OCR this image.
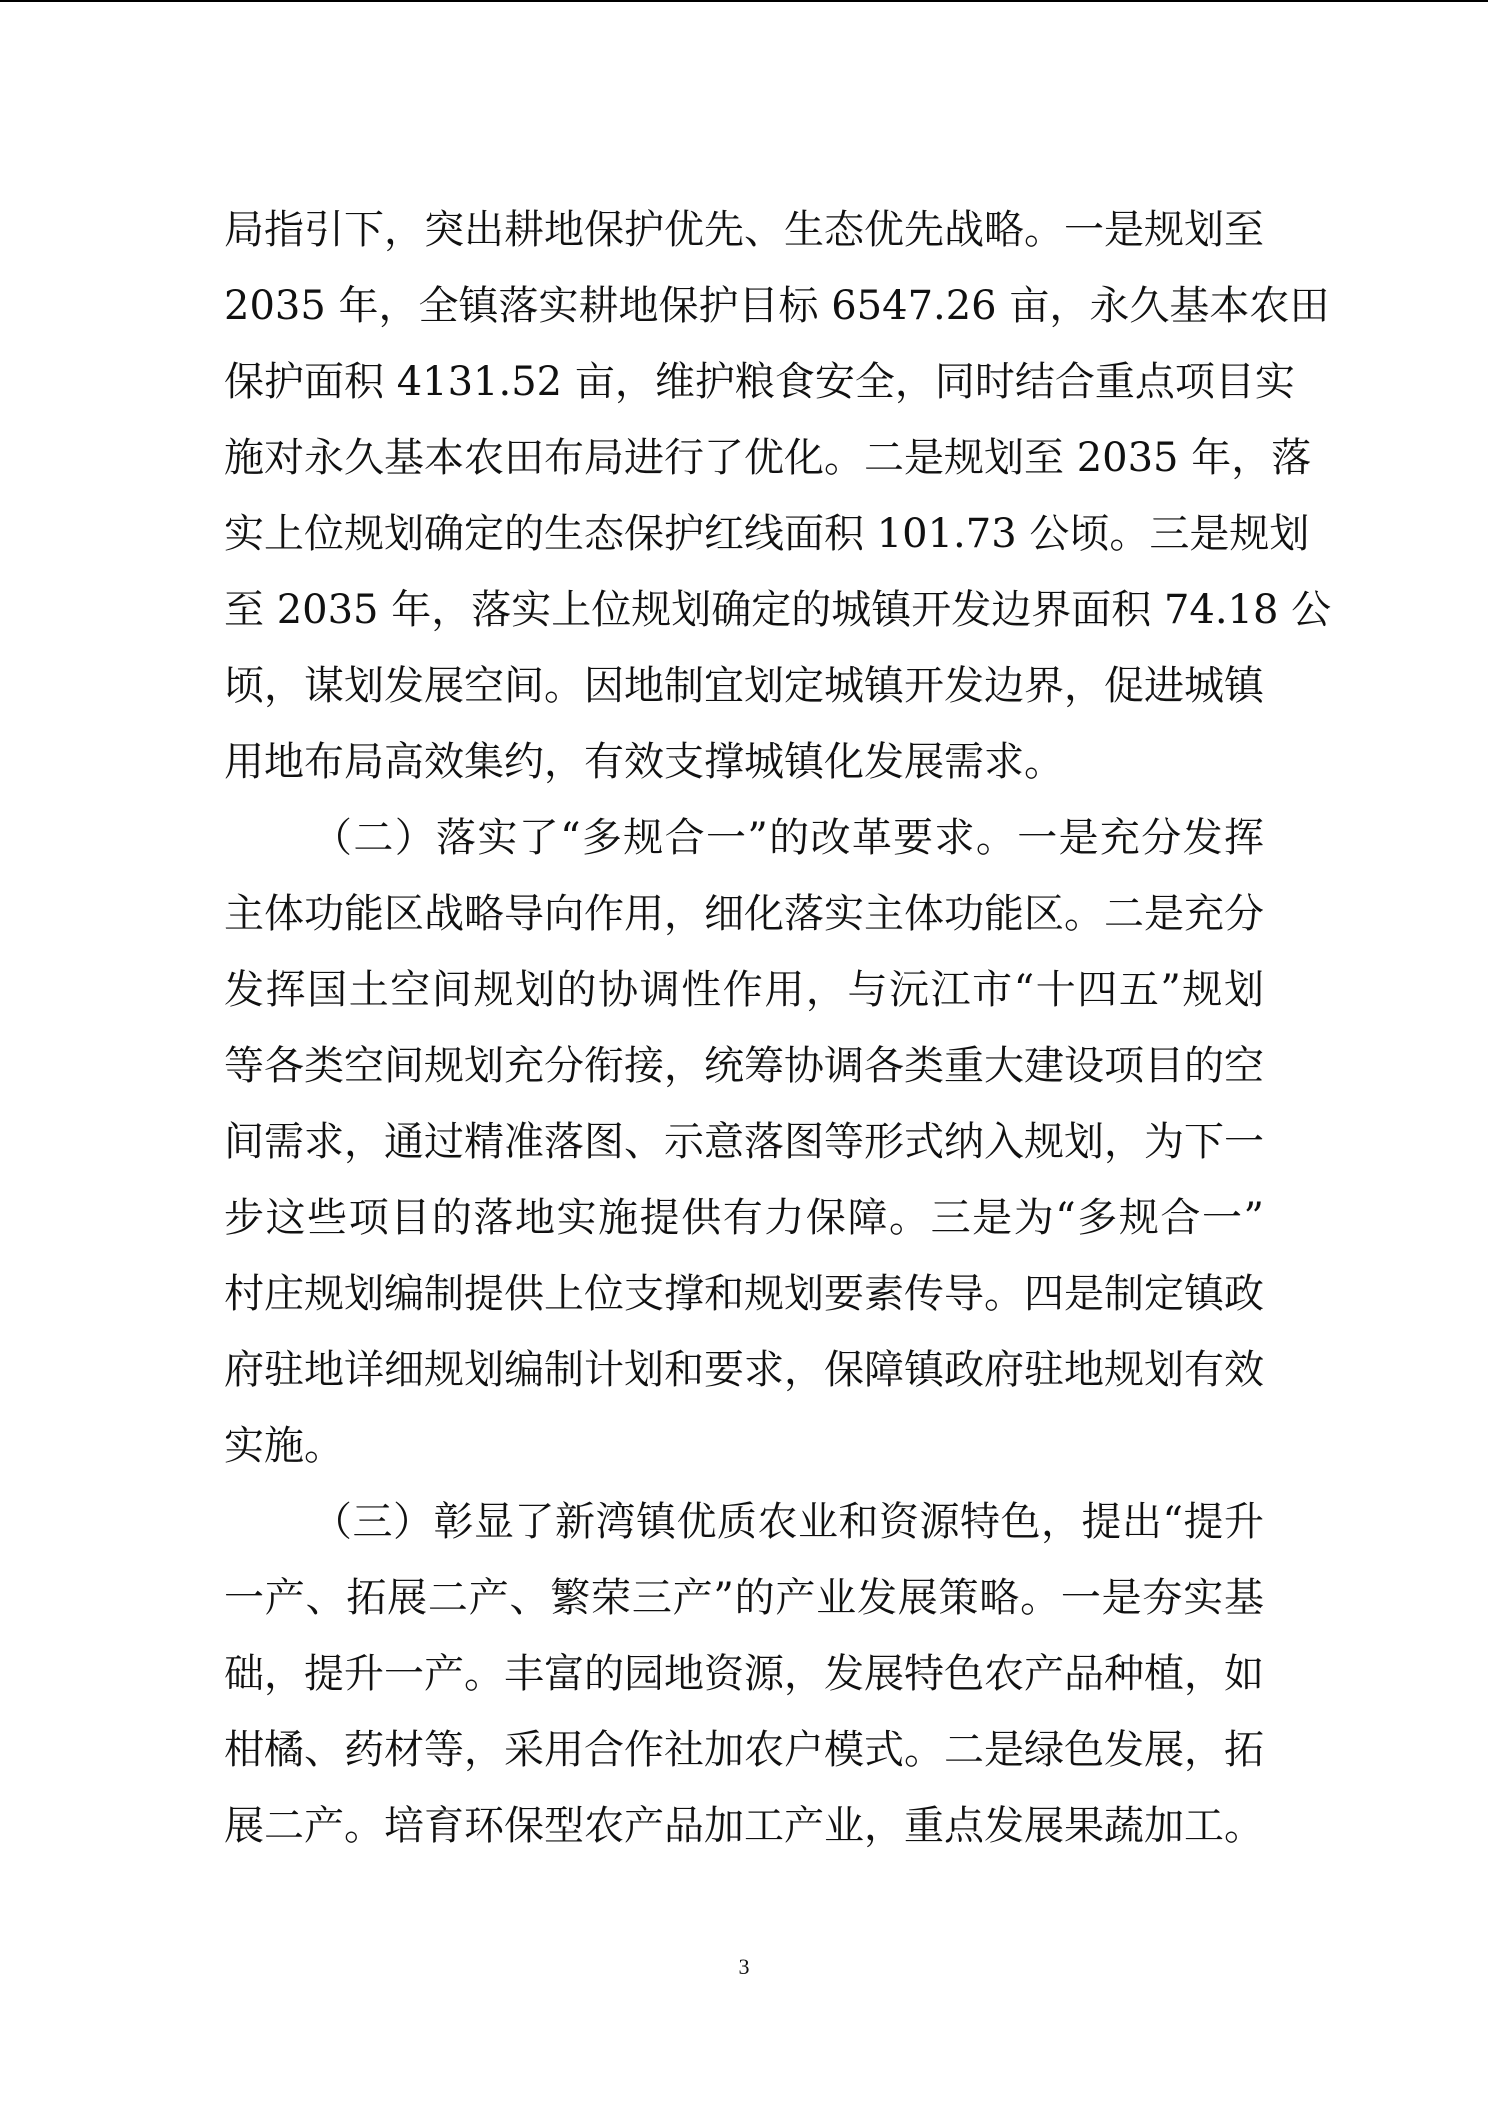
局指引下，突出耕地保护优先、生态优先战略。一是规划至
2035 年，全镇落实耕地保护目标 6547.26 亩，永久基本农田
保护面积 4131.52 亩，维护粮食安全，同时结合重点项目实
施对永久基本农田布局进行了优化。二是规划至 2035 年，落
实上位规划确定的生态保护红线面积 101.73 公顷。三是规划
至 2035 年，落实上位规划确定的城镇开发边界面积 74.18 公
顷，谋划发展空间。因地制宜划定城镇开发边界，促进城镇
用地布局高效集约，有效支撑城镇化发展需求。
（二）落实了“多规合一”的改革要求。一是充分发挥
主体功能区战略导向作用，细化落实主体功能区。二是充分
发挥国土空间规划的协调性作用，与沅江市“十四五”规划
等各类空间规划充分衔接，统筹协调各类重大建设项目的空
间需求，通过精准落图、示意落图等形式纳入规划，为下一
步这些项目的落地实施提供有力保障。三是为“多规合一”
村庄规划编制提供上位支撑和规划要素传导。四是制定镇政
府驻地详细规划编制计划和要求，保障镇政府驻地规划有效
实施。
（三）彰显了新湾镇优质农业和资源特色，提出“提升
一产、拓展二产、繁荣三产”的产业发展策略。一是夯实基
础，提升一产。丰富的园地资源，发展特色农产品种植，如
柑橘、药材等，采用合作社加农户模式。二是绿色发展，拓
展二产。培育环保型农产品加工产业，重点发展果蔬加工。
3
